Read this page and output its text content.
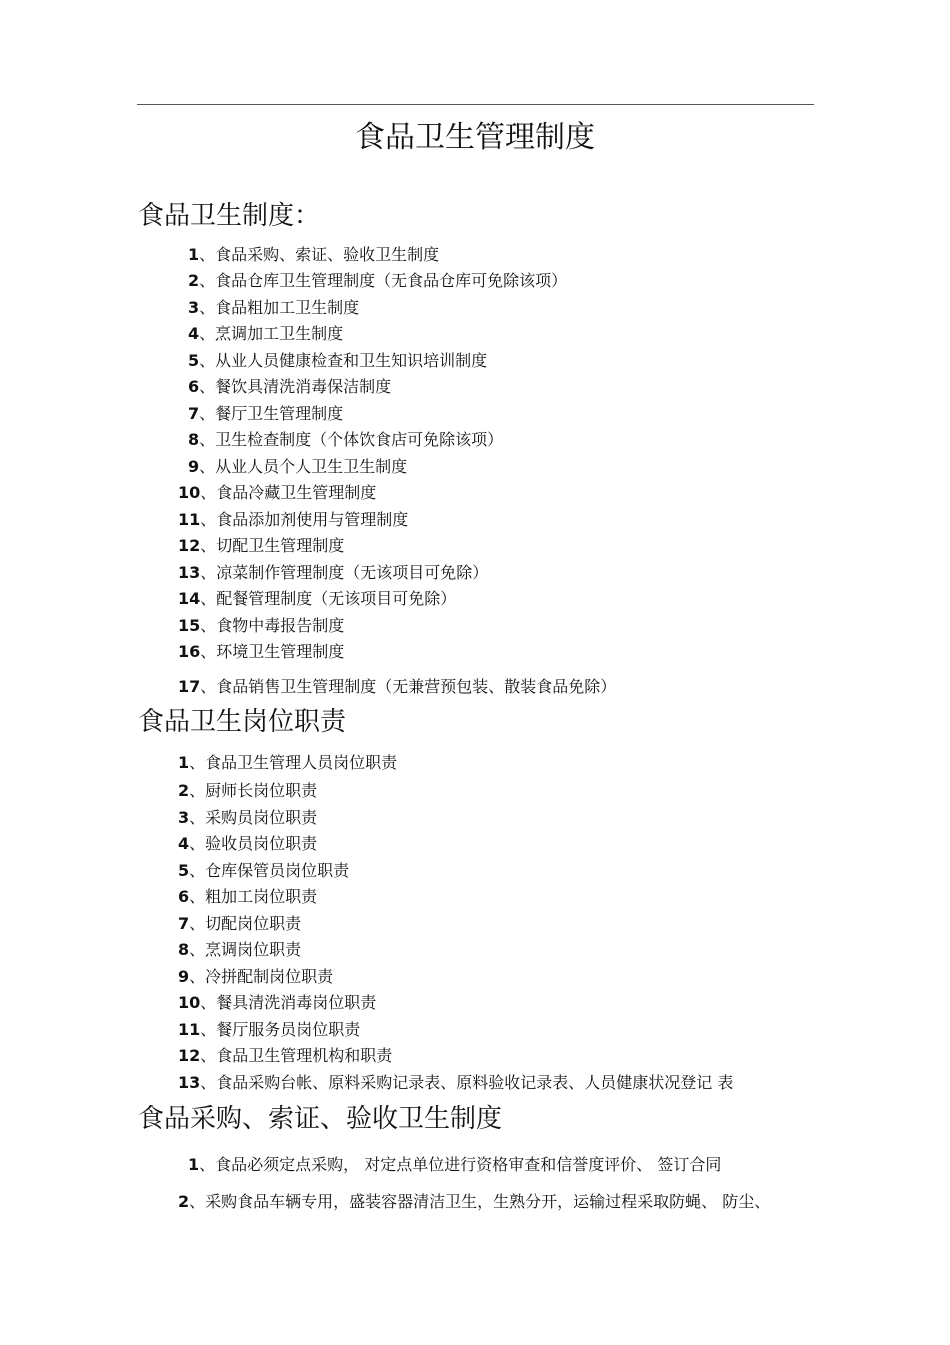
食品卫生管理制度
食品卫生制度：
1、食品采购、索证、验收卫生制度
2、食品仓库卫生管理制度（无食品仓库可免除该项）
3、食品粗加工卫生制度
4、烹调加工卫生制度
5、从业人员健康检查和卫生知识培训制度
6、餐饮具清洗消毒保洁制度
7、餐厅卫生管理制度
8、卫生检查制度（个体饮食店可免除该项）
9、从业人员个人卫生卫生制度
10、食品冷藏卫生管理制度
11、食品添加剂使用与管理制度
12、切配卫生管理制度
13、凉菜制作管理制度（无该项目可免除）
14、配餐管理制度（无该项目可免除）
15、食物中毒报告制度
16、环境卫生管理制度
17、食品销售卫生管理制度（无兼营预包装、散装食品免除）
食品卫生岗位职责
1、食品卫生管理人员岗位职责
2、厨师长岗位职责
3、采购员岗位职责
4、验收员岗位职责
5、仓库保管员岗位职责
6、粗加工岗位职责
7、切配岗位职责
8、烹调岗位职责
9、冷拼配制岗位职责
10、餐具清洗消毒岗位职责
11、餐厅服务员岗位职责
12、食品卫生管理机构和职责
13、食品采购台帐、原料采购记录表、原料验收记录表、人员健康状况登记 表
食品采购、索证、验收卫生制度
1、食品必须定点采购， 对定点单位进行资格审查和信誉度评价、 签订合同
2、采购食品车辆专用，盛装容器清洁卫生，生熟分开，运输过程采取防蝇、 防尘、
